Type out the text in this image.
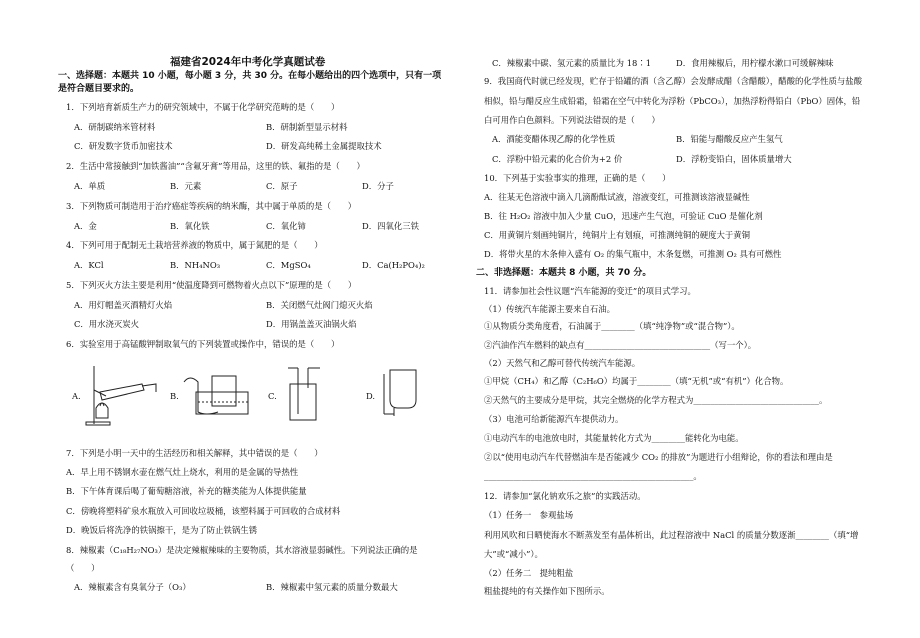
福建省2024年中考化学真题试卷
一、选择题：本题共 10 小题，每小题 3 分，共 30 分。在每小题给出的四个选项中，只有一项
是符合题目要求的。
1．下列培育新质生产力的研究领域中，不属于化学研究范畴的是（　　）
A．研制碳纳米管材料	B．研制新型显示材料
C．研发数字货币加密技术	D．研发高纯稀土金属提取技术
2．生活中常接触到“加铁酱油”“含氟牙膏”等用品，这里的铁、氟指的是（　　）
A．单质	B．元素	C．原子	D．分子
3．下列物质可制造用于治疗癌症等疾病的纳米酶，其中属于单质的是（　　）
A．金	B．氧化铁	C．氧化铈	D．四氧化三铁
4．下列可用于配制无土栽培营养液的物质中，属于氮肥的是（　　）
A．KCl	B．NH₄NO₃	C．MgSO₄	D．Ca(H₂PO₄)₂
5．下列灭火方法主要是利用“使温度降到可燃物着火点以下”原理的是（　　）
A．用灯帽盖灭酒精灯火焰	B．关闭燃气灶阀门熄灭火焰
C．用水浇灭炭火	D．用锅盖盖灭油锅火焰
6．实验室用于高锰酸钾制取氧气的下列装置或操作中，错误的是（　　）
7．下列是小明一天中的生活经历和相关解释，其中错误的是（　　）
A．早上用不锈钢水壶在燃气灶上烧水，利用的是金属的导热性
B．下午体育课后喝了葡萄糖溶液，补充的糖类能为人体提供能量
C．傍晚将塑料矿泉水瓶放入可回收垃圾桶，该塑料属于可回收的合成材料
D．晚饭后将洗净的铁锅擦干，是为了防止铁锅生锈
8．辣椒素（C₁₈H₂₇NO₃）是决定辣椒辣味的主要物质，其水溶液显弱碱性。下列说法正确的是
（　　）
A．辣椒素含有臭氧分子（O₃）	B．辣椒素中氢元素的质量分数最大
A.	B.	C.	D.
C．辣椒素中碳、氢元素的质量比为 18∶1	D．食用辣椒后，用柠檬水漱口可缓解辣味
9．我国商代时就已经发现，贮存于铅罐的酒（含乙醇）会发酵成醋（含醋酸），醋酸的化学性质与盐酸
相似，铅与醋反应生成铅霜，铅霜在空气中转化为浮粉（PbCO₃），加热浮粉得铅白（PbO）固体，铅
白可用作白色颜料。下列说法错误的是（　　）
A．酒能变醋体现乙醇的化学性质	B．铅能与醋酸反应产生氢气
C．浮粉中铅元素的化合价为+2 价	D．浮粉变铅白，固体质量增大
10．下列基于实验事实的推理，正确的是（　　）
A．往某无色溶液中滴入几滴酚酞试液，溶液变红，可推测该溶液显碱性
B．往 H₂O₂ 溶液中加入少量 CuO，迅速产生气泡，可验证 CuO 是催化剂
C．用黄铜片刻画纯铜片，纯铜片上有划痕，可推测纯铜的硬度大于黄铜
D．将带火星的木条伸入盛有 O₂ 的集气瓶中，木条复燃，可推测 O₂ 具有可燃性
二、非选择题：本题共 8 小题，共 70 分。
11．请参加社会性议题“汽车能源的变迁”的项目式学习。
（1）传统汽车能源主要来自石油。
①从物质分类角度看，石油属于________（填“纯净物”或“混合物”）。
②汽油作汽车燃料的缺点有______________________________（写一个）。
（2）天然气和乙醇可替代传统汽车能源。
①甲烷（CH₄）和乙醇（C₂H₆O）均属于________（填“无机”或“有机”）化合物。
②天然气的主要成分是甲烷，其完全燃烧的化学方程式为______________________________。
（3）电池可给新能源汽车提供动力。
①电动汽车的电池放电时，其能量转化方式为________能转化为电能。
②以“使用电动汽车代替燃油车是否能减少 CO₂ 的排放”为题进行小组辩论，你的看法和理由是
__________________________________________________。
12．请参加“氯化钠欢乐之旅”的实践活动。
（1）任务一　参观盐场
利用风吹和日晒使海水不断蒸发至有晶体析出，此过程溶液中 NaCl 的质量分数逐渐________（填“增
大”或“减小”）。
（2）任务二　提纯粗盐
粗盐提纯的有关操作如下图所示。
